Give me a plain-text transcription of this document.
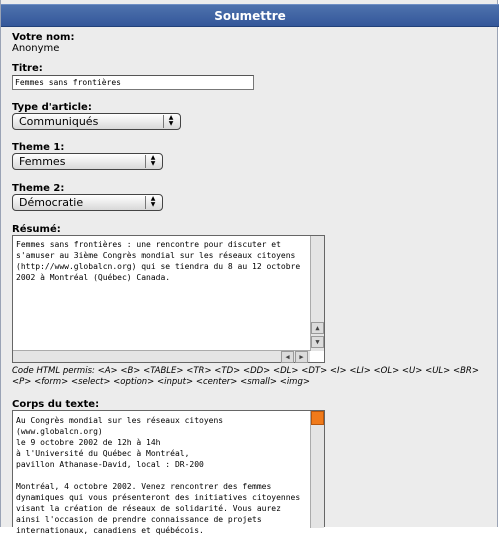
Soumettre
Votre nom:
Anonyme
Titre:
Femmes sans frontières
Type d'article:
Communiqués	▲
▼
Theme 1:
Femmes	▲
▼
Theme 2:
Démocratie	▲
▼
Résumé:
Femmes sans frontières : une rencontre pour discuter et s'amuser au 3ième Congrès mondial sur les réseaux citoyens (http://www.globalcn.org) qui se tiendra du 8 au 12 octobre 2002 à Montréal (Québec) Canada.
▲
▼
◀	▶
Code HTML permis: <A> <B> <TABLE> <TR> <TD> <DD> <DL> <DT> <I> <LI> <OL> <U> <UL> <BR> <P> <form> <select> <option> <input> <center> <small> <img>
Corps du texte:
Au Congrès mondial sur les réseaux citoyens (www.globalcn.org)
le 9 octobre 2002 de 12h à 14h
à l'Université du Québec à Montréal,
pavillon Athanase-David, local : DR-200

Montréal, 4 octobre 2002. Venez rencontrer des femmes dynamiques qui vous présenteront des initiatives citoyennes visant la création de réseaux de solidarité. Vous aurez ainsi l'occasion de prendre connaissance de projets internationaux, canadiens et québécois.
